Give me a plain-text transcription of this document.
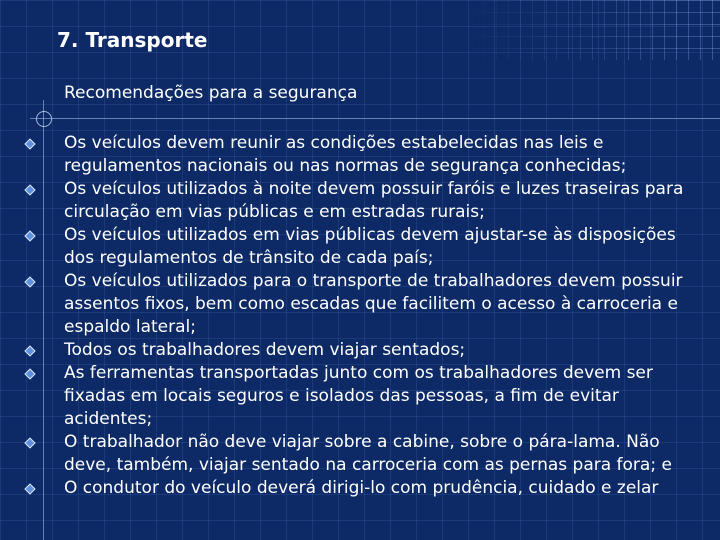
7. Transporte
Recomendações para a segurança
Os veículos devem reunir as condições estabelecidas nas leis e regulamentos nacionais ou nas normas de segurança conhecidas;
Os veículos utilizados à noite devem possuir faróis e luzes traseiras para circulação em vias públicas e em estradas rurais;
Os veículos utilizados em vias públicas devem ajustar-se às disposições dos regulamentos de trânsito de cada país;
Os veículos utilizados para o transporte de trabalhadores devem possuir assentos fixos, bem como escadas que facilitem o acesso à carroceria e espaldo lateral;
Todos os trabalhadores devem viajar sentados;
As ferramentas transportadas junto com os trabalhadores devem ser fixadas em locais seguros e isolados das pessoas, a fim de evitar acidentes;
O trabalhador não deve viajar sobre a cabine, sobre o pára-lama. Não deve, também, viajar sentado na carroceria com as pernas para fora; e
O condutor do veículo deverá dirigi-lo com prudência, cuidado e zelar
